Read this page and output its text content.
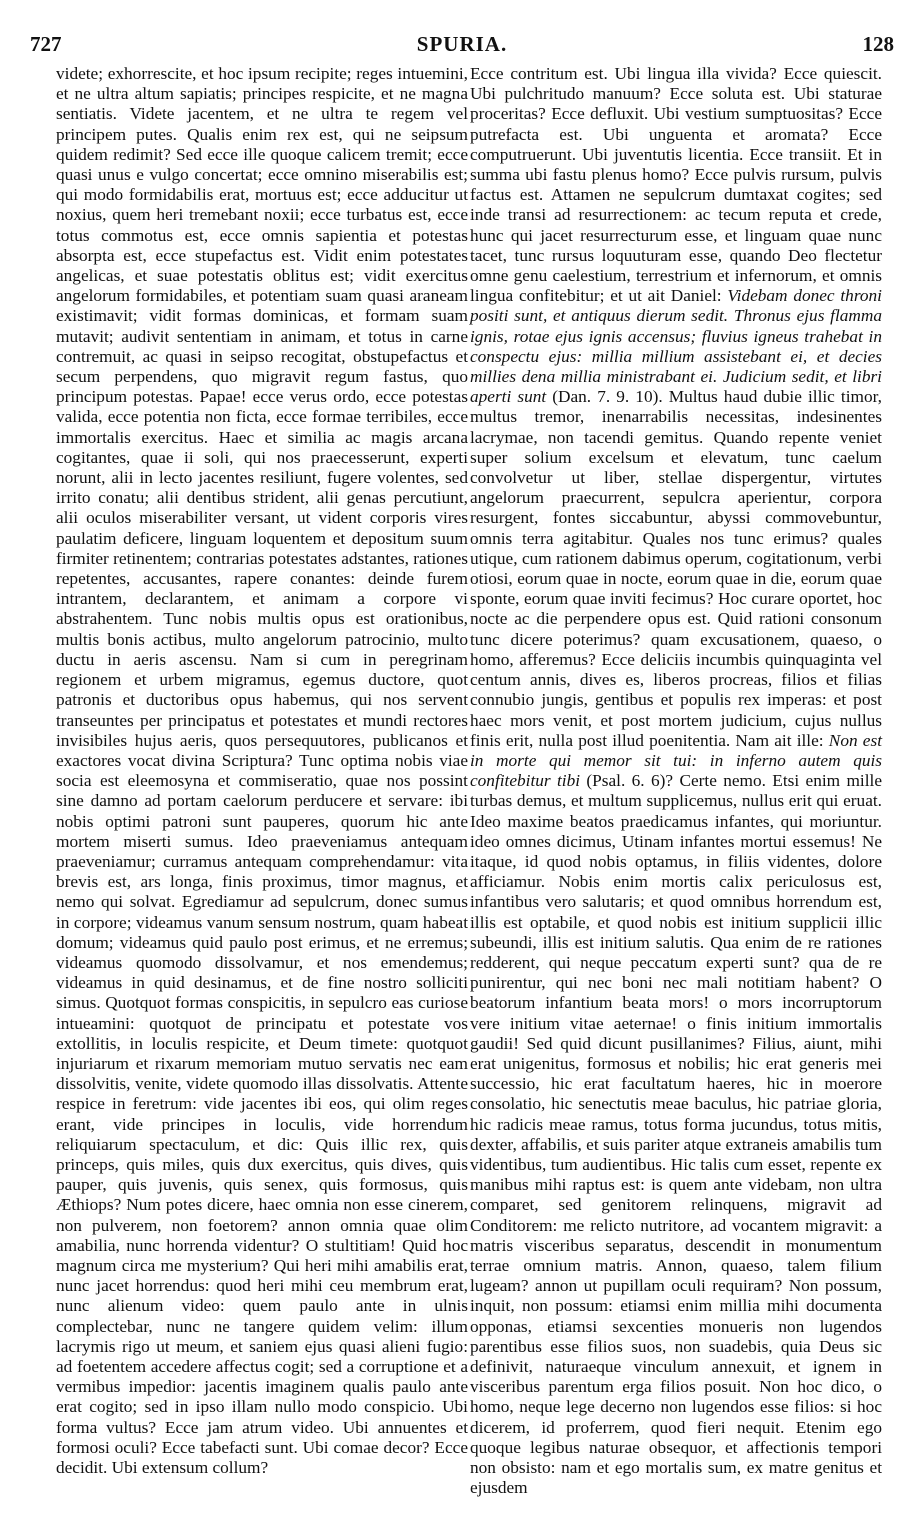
SPURIA.
727	128

videte; exhorrescite, et hoc ipsum recipite; reges intuemini, et ne ultra altum sapiatis; principes respicite, et ne magna sentiatis. Videte jacentem, et ne ultra te regem vel principem putes. Qualis enim rex est, qui ne seipsum quidem redimit? Sed ecce ille quoque calicem tremit; ecce quasi unus e vulgo concertat; ecce omnino miserabilis est; qui modo formidabilis erat, mortuus est; ecce adducitur ut noxius, quem heri tremebant noxii; ecce turbatus est, ecce totus commotus est, ecce omnis sapientia et potestas absorpta est, ecce stupefactus est. Vidit enim potestates angelicas, et suae potestatis oblitus est; vidit exercitus angelorum formidabiles, et potentiam suam quasi araneam existimavit; vidit formas dominicas, et formam suam mutavit; audivit sententiam in animam, et totus in carne contremuit, ac quasi in seipso recogitat, obstupefactus et secum perpendens, quo migravit regum fastus, quo principum potestas. Papae! ecce verus ordo, ecce potestas valida, ecce potentia non ficta, ecce formae terribiles, ecce immortalis exercitus. Haec et similia ac magis arcana cogitantes, quae ii soli, qui nos praecesserunt, experti norunt, alii in lecto jacentes resiliunt, fugere volentes, sed irrito conatu; alii dentibus strident, alii genas percutiunt, alii oculos miserabiliter versant, ut vident corporis vires paulatim deficere, linguam loquentem et depositum suum firmiter retinentem; contrarias potestates adstantes, rationes repetentes, accusantes, rapere conantes: deinde furem intrantem, declarantem, et animam a corpore vi abstrahentem. Tunc nobis multis opus est orationibus, multis bonis actibus, multo angelorum patrocinio, multo ductu in aeris ascensu. Nam si cum in peregrinam regionem et urbem migramus, egemus ductore, quot patronis et ductoribus opus habemus, qui nos servent transeuntes per principatus et potestates et mundi rectores invisibiles hujus aeris, quos persequutores, publicanos et exactores vocat divina Scriptura? Tunc optima nobis viae socia est eleemosyna et commiseratio, quae nos possint sine damno ad portam caelorum perducere et servare: ibi nobis optimi patroni sunt pauperes, quorum hic ante mortem miserti sumus. Ideo praeveniamus antequam praeveniamur; curramus antequam comprehendamur: vita brevis est, ars longa, finis proximus, timor magnus, et nemo qui solvat. Egrediamur ad sepulcrum, donec sumus in corpore; videamus vanum sensum nostrum, quam habeat domum; videamus quid paulo post erimus, et ne erremus; videamus quomodo dissolvamur, et nos emendemus; videamus in quid desinamus, et de fine nostro solliciti simus. Quotquot formas conspicitis, in sepulcro eas curiose intueamini: quotquot de principatu et potestate vos extollitis, in loculis respicite, et Deum timete: quotquot injuriarum et rixarum memoriam mutuo servatis nec eam dissolvitis, venite, videte quomodo illas dissolvatis. Attente respice in feretrum: vide jacentes ibi eos, qui olim reges erant, vide principes in loculis, vide horrendum reliquiarum spectaculum, et dic: Quis illic rex, quis princeps, quis miles, quis dux exercitus, quis dives, quis pauper, quis juvenis, quis senex, quis formosus, quis Æthiops? Num potes dicere, haec omnia non esse cinerem, non pulverem, non foetorem? annon omnia quae olim amabilia, nunc horrenda videntur? O stultitiam! Quid hoc magnum circa me mysterium? Qui heri mihi amabilis erat, nunc jacet horrendus: quod heri mihi ceu membrum erat, nunc alienum video: quem paulo ante in ulnis complectebar, nunc ne tangere quidem velim: illum lacrymis rigo ut meum, et saniem ejus quasi alieni fugio: ad foetentem accedere affectus cogit; sed a corruptione et a vermibus impedior: jacentis imaginem qualis paulo ante erat cogito; sed in ipso illam nullo modo conspicio. Ubi forma vultus? Ecce jam atrum video. Ubi annuentes et formosi oculi? Ecce tabefacti sunt. Ubi comae decor? Ecce decidit. Ubi extensum collum?

Ecce contritum est. Ubi lingua illa vivida? Ecce quiescit. Ubi pulchritudo manuum? Ecce soluta est. Ubi staturae proceritas? Ecce defluxit. Ubi vestium sumptuositas? Ecce putrefacta est. Ubi unguenta et aromata? Ecce computruerunt. Ubi juventutis licentia. Ecce transiit. Et in summa ubi fastu plenus homo? Ecce pulvis rursum, pulvis factus est. Attamen ne sepulcrum dumtaxat cogites; sed inde transi ad resurrectionem: ac tecum reputa et crede, hunc qui jacet resurrecturum esse, et linguam quae nunc tacet, tunc rursus loquuturam esse, quando Deo flectetur omne genu caelestium, terrestrium et infernorum, et omnis lingua confitebitur; et ut ait Daniel: Videbam donec throni positi sunt, et antiquus dierum sedit. Thronus ejus flamma ignis, rotae ejus ignis accensus; fluvius igneus trahebat in conspectu ejus: millia millium assistebant ei, et decies millies dena millia ministrabant ei. Judicium sedit, et libri aperti sunt (Dan. 7. 9. 10). Multus haud dubie illic timor, multus tremor, inenarrabilis necessitas, indesinentes lacrymae, non tacendi gemitus. Quando repente veniet super solium excelsum et elevatum, tunc caelum convolvetur ut liber, stellae dispergentur, virtutes angelorum praecurrent, sepulcra aperientur, corpora resurgent, fontes siccabuntur, abyssi commovebuntur, omnis terra agitabitur. Quales nos tunc erimus? quales utique, cum rationem dabimus operum, cogitationum, verbi otiosi, eorum quae in nocte, eorum quae in die, eorum quae sponte, eorum quae inviti fecimus? Hoc curare oportet, hoc nocte ac die perpendere opus est. Quid rationi consonum tunc dicere poterimus? quam excusationem, quaeso, o homo, afferemus? Ecce deliciis incumbis quinquaginta vel centum annis, dives es, liberos procreas, filios et filias connubio jungis, gentibus et populis rex imperas: et post haec mors venit, et post mortem judicium, cujus nullus finis erit, nulla post illud poenitentia. Nam ait ille: Non est in morte qui memor sit tui: in inferno autem quis confitebitur tibi (Psal. 6. 6)? Certe nemo. Etsi enim mille turbas demus, et multum supplicemus, nullus erit qui eruat. Ideo maxime beatos praedicamus infantes, qui moriuntur. ideo omnes dicimus, Utinam infantes mortui essemus! Ne itaque, id quod nobis optamus, in filiis videntes, dolore afficiamur. Nobis enim mortis calix periculosus est, infantibus vero salutaris; et quod omnibus horrendum est, illis est optabile, et quod nobis est initium supplicii illic subeundi, illis est initium salutis. Qua enim de re rationes redderent, qui neque peccatum experti sunt? qua de re punirentur, qui nec boni nec mali notitiam habent? O beatorum infantium beata mors! o mors incorruptorum vere initium vitae aeternae! o finis initium immortalis gaudii! Sed quid dicunt pusillanimes? Filius, aiunt, mihi erat unigenitus, formosus et nobilis; hic erat generis mei successio, hic erat facultatum haeres, hic in moerore consolatio, hic senectutis meae baculus, hic patriae gloria, hic radicis meae ramus, totus forma jucundus, totus mitis, dexter, affabilis, et suis pariter atque extraneis amabilis tum videntibus, tum audientibus. Hic talis cum esset, repente ex manibus mihi raptus est: is quem ante videbam, non ultra comparet, sed genitorem relinquens, migravit ad Conditorem: me relicto nutritore, ad vocantem migravit: a matris visceribus separatus, descendit in monumentum terrae omnium matris. Annon, quaeso, talem filium lugeam? annon ut pupillam oculi requiram? Non possum, inquit, non possum: etiamsi enim millia mihi documenta opponas, etiamsi sexcenties monueris non lugendos parentibus esse filios suos, non suadebis, quia Deus sic definivit, naturaeque vinculum annexuit, et ignem in visceribus parentum erga filios posuit. Non hoc dico, o homo, neque lege decerno non lugendos esse filios: si hoc dicerem, id proferrem, quod fieri nequit. Etenim ego quoque legibus naturae obsequor, et affectionis tempori non obsisto: nam et ego mortalis sum, ex matre genitus et ejusdem
